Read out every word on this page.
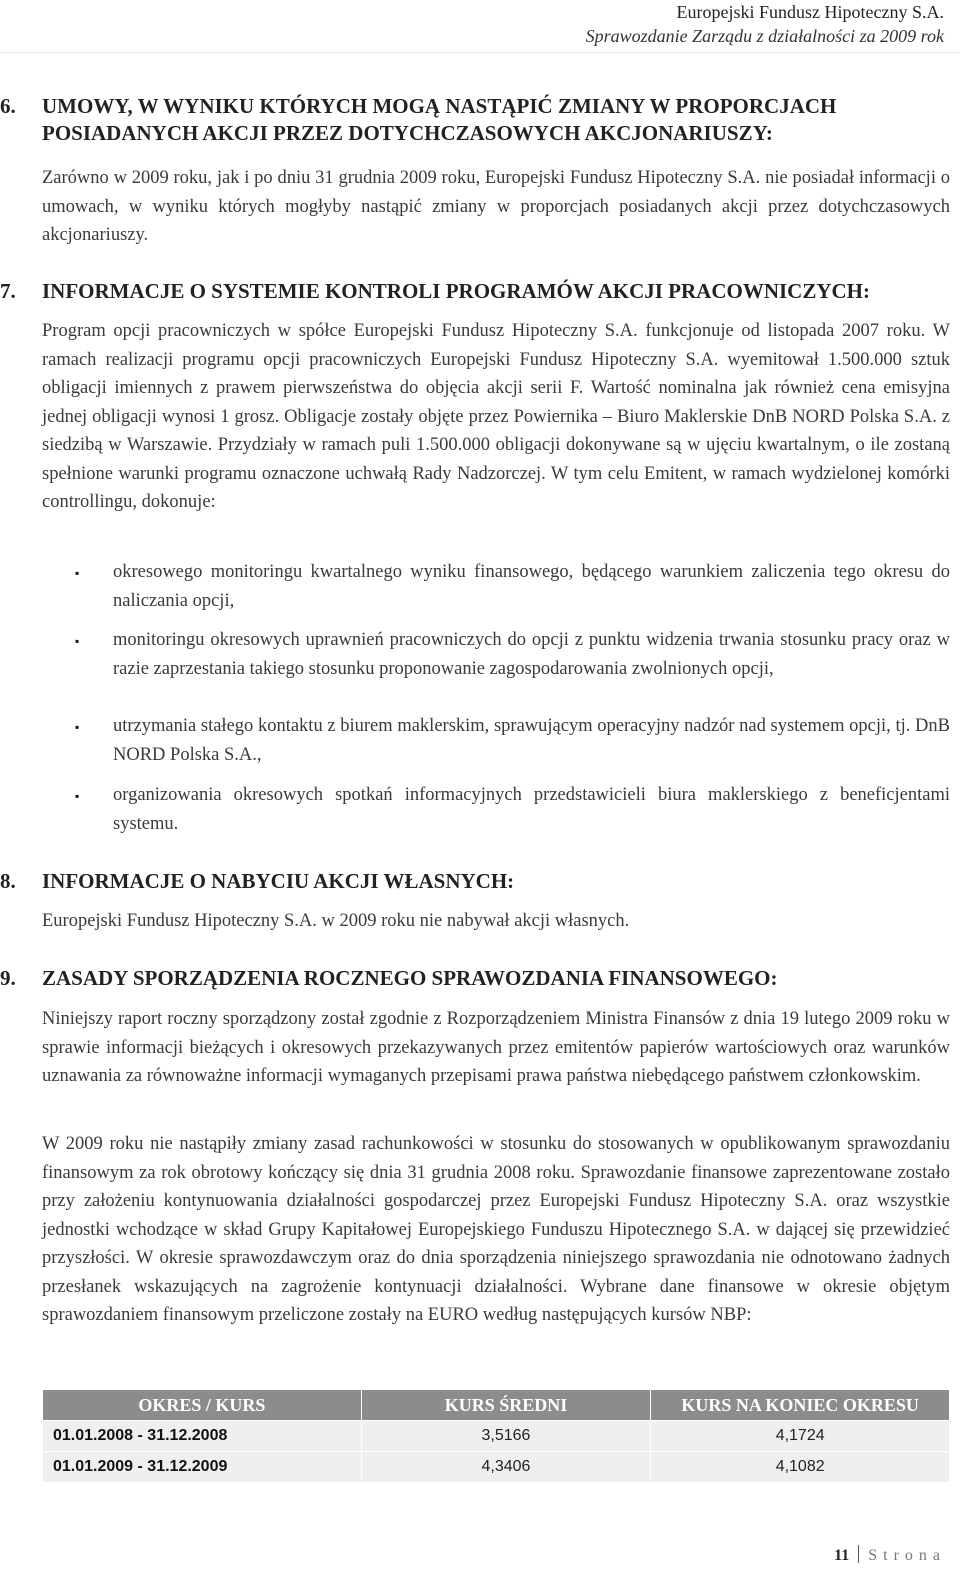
Europejski Fundusz Hipoteczny S.A.
Sprawozdanie Zarządu z działalności za 2009 rok
6. UMOWY, W WYNIKU KTÓRYCH MOGĄ NASTĄPIĆ ZMIANY W PROPORCJACH
POSIADANYCH AKCJI PRZEZ DOTYCHCZASOWYCH AKCJONARIUSZY:
Zarówno w 2009 roku, jak i po dniu 31 grudnia 2009 roku, Europejski Fundusz Hipoteczny S.A. nie posiadał informacji o umowach, w wyniku których mogłyby nastąpić zmiany w proporcjach posiadanych akcji przez dotychczasowych akcjonariuszy.
7. INFORMACJE O SYSTEMIE KONTROLI PROGRAMÓW AKCJI PRACOWNICZYCH:
Program opcji pracowniczych w spółce Europejski Fundusz Hipoteczny S.A. funkcjonuje od listopada 2007 roku. W ramach realizacji programu opcji pracowniczych Europejski Fundusz Hipoteczny S.A. wyemitował 1.500.000 sztuk obligacji imiennych z prawem pierwszeństwa do objęcia akcji serii F. Wartość nominalna jak również cena emisyjna jednej obligacji wynosi 1 grosz. Obligacje zostały objęte przez Powiernika – Biuro Maklerskie DnB NORD Polska S.A. z siedzibą w Warszawie. Przydziały w ramach puli 1.500.000 obligacji dokonywane są w ujęciu kwartalnym, o ile zostaną spełnione warunki programu oznaczone uchwałą Rady Nadzorczej. W tym celu Emitent, w ramach wydzielonej komórki controllingu, dokonuje:
▪ okresowego monitoringu kwartalnego wyniku finansowego, będącego warunkiem zaliczenia tego okresu do naliczania opcji,
▪ monitoringu okresowych uprawnień pracowniczych do opcji z punktu widzenia trwania stosunku pracy oraz w razie zaprzestania takiego stosunku proponowanie zagospodarowania zwolnionych opcji,
▪ utrzymania stałego kontaktu z biurem maklerskim, sprawującym operacyjny nadzór nad systemem opcji, tj. DnB NORD Polska S.A.,
▪ organizowania okresowych spotkań informacyjnych przedstawicieli biura maklerskiego z beneficjentami systemu.
8. INFORMACJE O NABYCIU AKCJI WŁASNYCH:
Europejski Fundusz Hipoteczny S.A. w 2009 roku nie nabywał akcji własnych.
9. ZASADY SPORZĄDZENIA ROCZNEGO SPRAWOZDANIA FINANSOWEGO:
Niniejszy raport roczny sporządzony został zgodnie z Rozporządzeniem Ministra Finansów z dnia 19 lutego 2009 roku w sprawie informacji bieżących i okresowych przekazywanych przez emitentów papierów wartościowych oraz warunków uznawania za równoważne informacji wymaganych przepisami prawa państwa niebędącego państwem członkowskim.
W 2009 roku nie nastąpiły zmiany zasad rachunkowości w stosunku do stosowanych w opublikowanym sprawozdaniu finansowym za rok obrotowy kończący się dnia 31 grudnia 2008 roku. Sprawozdanie finansowe zaprezentowane zostało przy założeniu kontynuowania działalności gospodarczej przez Europejski Fundusz Hipoteczny S.A. oraz wszystkie jednostki wchodzące w skład Grupy Kapitałowej Europejskiego Funduszu Hipotecznego S.A. w dającej się przewidzieć przyszłości. W okresie sprawozdawczym oraz do dnia sporządzenia niniejszego sprawozdania nie odnotowano żadnych przesłanek wskazujących na zagrożenie kontynuacji działalności. Wybrane dane finansowe w okresie objętym sprawozdaniem finansowym przeliczone zostały na EURO według następujących kursów NBP:
OKRES / KURS	KURS ŚREDNI	KURS NA KONIEC OKRESU
01.01.2008 - 31.12.2008	3,5166	4,1724
01.01.2009 - 31.12.2009	4,3406	4,1082
11 Strona
